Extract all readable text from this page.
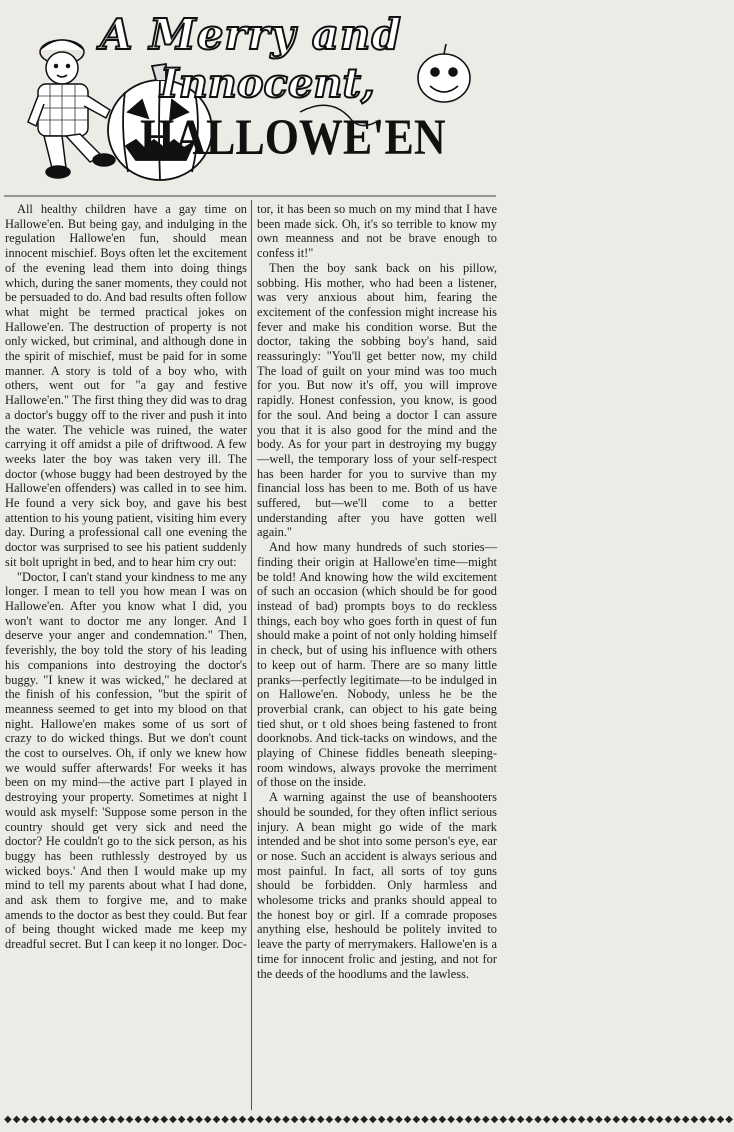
A Merry and
Innocent,
HALLOWE'EN

All healthy children have a gay time on Hallowe'en. But being gay, and indulging in the regulation Hallowe'en fun, should mean innocent mischief. Boys often let the excitement of the evening lead them into doing things which, during the saner moments, they could not be persuaded to do. And bad results often follow what might be termed practical jokes on Hallowe'en. The destruction of property is not only wicked, but criminal, and although done in the spirit of mischief, must be paid for in some manner. A story is told of a boy who, with others, went out for "a gay and festive Hallowe'en." The first thing they did was to drag a doctor's buggy off to the river and push it into the water. The vehicle was ruined, the water carrying it off amidst a pile of driftwood. A few weeks later the boy was taken very ill. The doctor (whose buggy had been destroyed by the Hallowe'en offenders) was called in to see him. He found a very sick boy, and gave his best attention to his young patient, visiting him every day. During a professional call one evening the doctor was surprised to see his patient suddenly sit bolt upright in bed, and to hear him cry out:

"Doctor, I can't stand your kindness to me any longer. I mean to tell you how mean I was on Hallowe'en. After you know what I did, you won't want to doctor me any longer. And I deserve your anger and condemnation." Then, feverishly, the boy told the story of his leading his companions into destroying the doctor's buggy. "I knew it was wicked," he declared at the finish of his confession, "but the spirit of meanness seemed to get into my blood on that night. Hallowe'en makes some of us sort of crazy to do wicked things. But we don't count the cost to ourselves. Oh, if only we knew how we would suffer afterwards! For weeks it has been on my mind—the active part I played in destroying your property. Sometimes at night I would ask myself: 'Suppose some person in the country should get very sick and need the doctor? He couldn't go to the sick person, as his buggy has been ruthlessly destroyed by us wicked boys.' And then I would make up my mind to tell my parents about what I had done, and ask them to forgive me, and to make amends to the doctor as best they could. But fear of being thought wicked made me keep my dreadful secret. But I can keep it no longer. Doc-

tor, it has been so much on my mind that I have been made sick. Oh, it's so terrible to know my own meanness and not be brave enough to confess it!"

Then the boy sank back on his pillow, sobbing. His mother, who had been a listener, was very anxious about him, fearing the excitement of the confession might increase his fever and make his condition worse. But the doctor, taking the sobbing boy's hand, said reassuringly: "You'll get better now, my child The load of guilt on your mind was too much for you. But now it's off, you will improve rapidly. Honest confession, you know, is good for the soul. And being a doctor I can assure you that it is also good for the mind and the body. As for your part in destroying my buggy—well, the temporary loss of your self-respect has been harder for you to survive than my financial loss has been to me. Both of us have suffered, but—we'll come to a better understanding after you have gotten well again."

And how many hundreds of such stories—finding their origin at Hallowe'en time—might be told! And knowing how the wild excitement of such an occasion (which should be for good instead of bad) prompts boys to do reckless things, each boy who goes forth in quest of fun should make a point of not only holding himself in check, but of using his influence with others to keep out of harm. There are so many little pranks—perfectly legitimate—to be indulged in on Hallowe'en. Nobody, unless he be the proverbial crank, can object to his gate being tied shut, or t old shoes being fastened to front doorknobs. And tick-tacks on windows, and the playing of Chinese fiddles beneath sleeping-room windows, always provoke the merriment of those on the inside.

A warning against the use of beanshooters should be sounded, for they often inflict serious injury. A bean might go wide of the mark intended and be shot into some person's eye, ear or nose. Such an accident is always serious and most painful. In fact, all sorts of toy guns should be forbidden. Only harmless and wholesome tricks and pranks should appeal to the honest boy or girl. If a comrade proposes anything else, heshould be politely invited to leave the party of merrymakers. Hallowe'en is a time for innocent frolic and jesting, and not for the deeds of the hoodlums and the lawless.

◆◆◆◆◆◆◆◆◆◆◆◆◆◆◆◆◆◆◆◆◆◆◆◆◆◆◆◆◆◆◆◆◆◆◆◆◆◆◆◆◆◆◆◆◆◆◆◆◆◆◆◆◆◆◆◆◆◆◆◆◆◆◆◆◆◆◆◆◆◆◆◆◆◆◆◆◆◆◆◆◆◆◆◆
